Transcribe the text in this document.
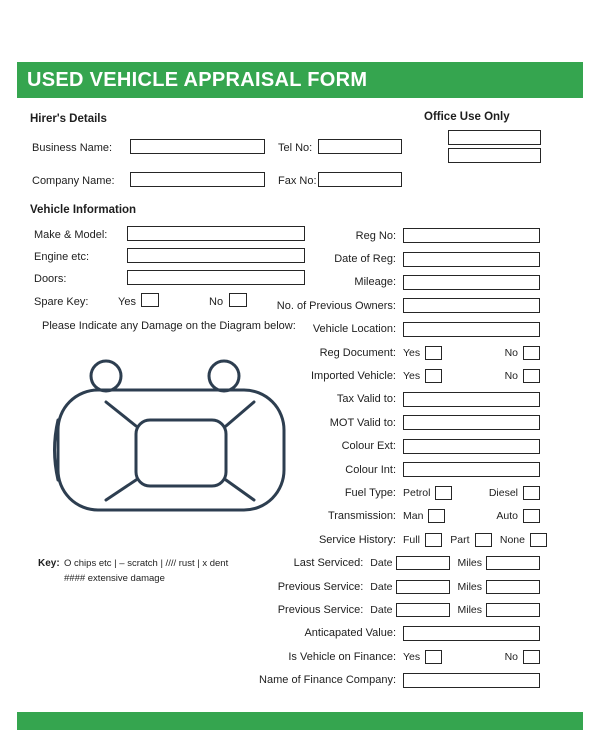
USED VEHICLE APPRAISAL FORM
Hirer's Details	Office Use Only
Business Name:	Tel No:
Company Name:	Fax No:
Vehicle Information
Make & Model:
Engine etc:
Doors:
Spare Key:	Yes	No
Please Indicate any Damage on the Diagram below:
Key: O chips etc | – scratch | //// rust | x dent
#### extensive damage
Reg No:
Date of Reg:
Mileage:
No. of Previous Owners:
Vehicle Location:
Reg Document: Yes	No
Imported Vehicle: Yes	No
Tax Valid to:
MOT Valid to:
Colour Ext:
Colour Int:
Fuel Type: Petrol	Diesel
Transmission: Man	Auto
Service History: Full	Part	None
Last Serviced: Date	Miles
Previous Service: Date	Miles
Previous Service: Date	Miles
Anticapated Value:
Is Vehicle on Finance: Yes	No
Name of Finance Company:
